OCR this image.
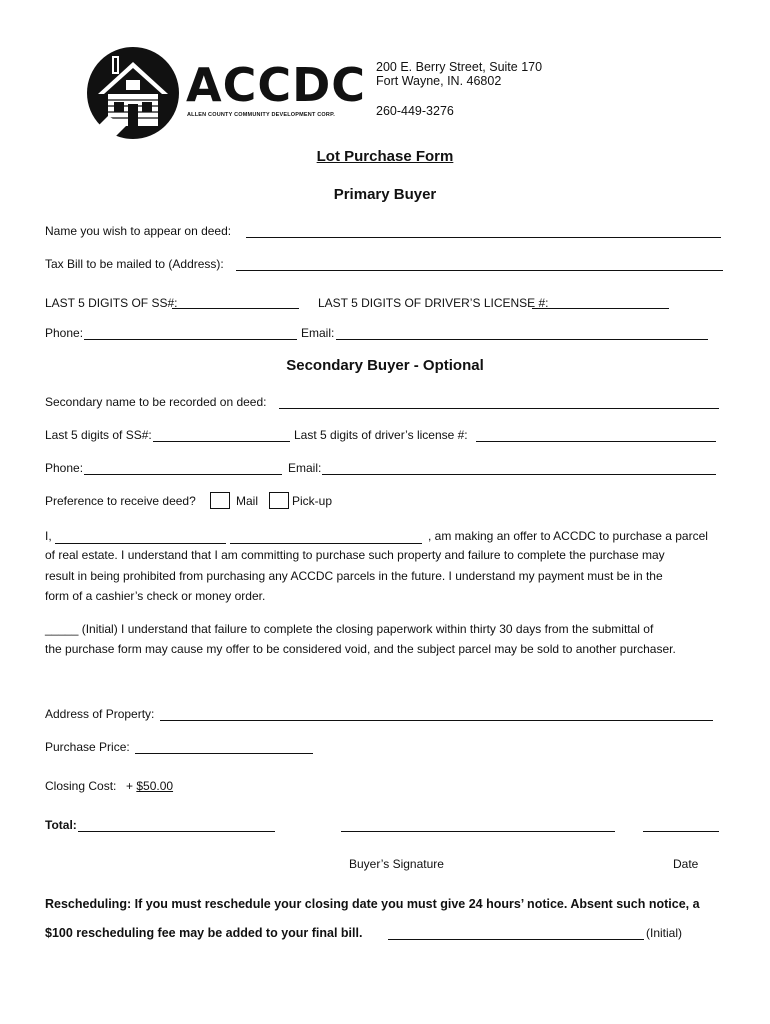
ACCDC
ALLEN COUNTY COMMUNITY DEVELOPMENT CORP.
200 E. Berry Street, Suite 170
Fort Wayne, IN. 46802
260-449-3276
Lot Purchase Form
Primary Buyer
Name you wish to appear on deed:
Tax Bill to be mailed to (Address):
LAST 5 DIGITS OF SS#:	LAST 5 DIGITS OF DRIVER’S LICENSE #:
Phone:	Email:
Secondary Buyer - Optional
Secondary name to be recorded on deed:
Last 5 digits of SS#:	Last 5 digits of driver’s license #:
Phone:	Email:
Preference to receive deed?	Mail	Pick-up
I,	, am making an offer to ACCDC to purchase a parcel
of real estate. I understand that I am committing to purchase such property and failure to complete the purchase may
result in being prohibited from purchasing any ACCDC parcels in the future. I understand my payment must be in the
form of a cashier’s check or money order.
_____ (Initial) I understand that failure to complete the closing paperwork within thirty 30 days from the submittal of
the purchase form may cause my offer to be considered void, and the subject parcel may be sold to another purchaser.
Address of Property:
Purchase Price:
Closing Cost: + $50.00
Total:
Buyer’s Signature	Date
Rescheduling: If you must reschedule your closing date you must give 24 hours’ notice. Absent such notice, a
$100 rescheduling fee may be added to your final bill.	(Initial)
